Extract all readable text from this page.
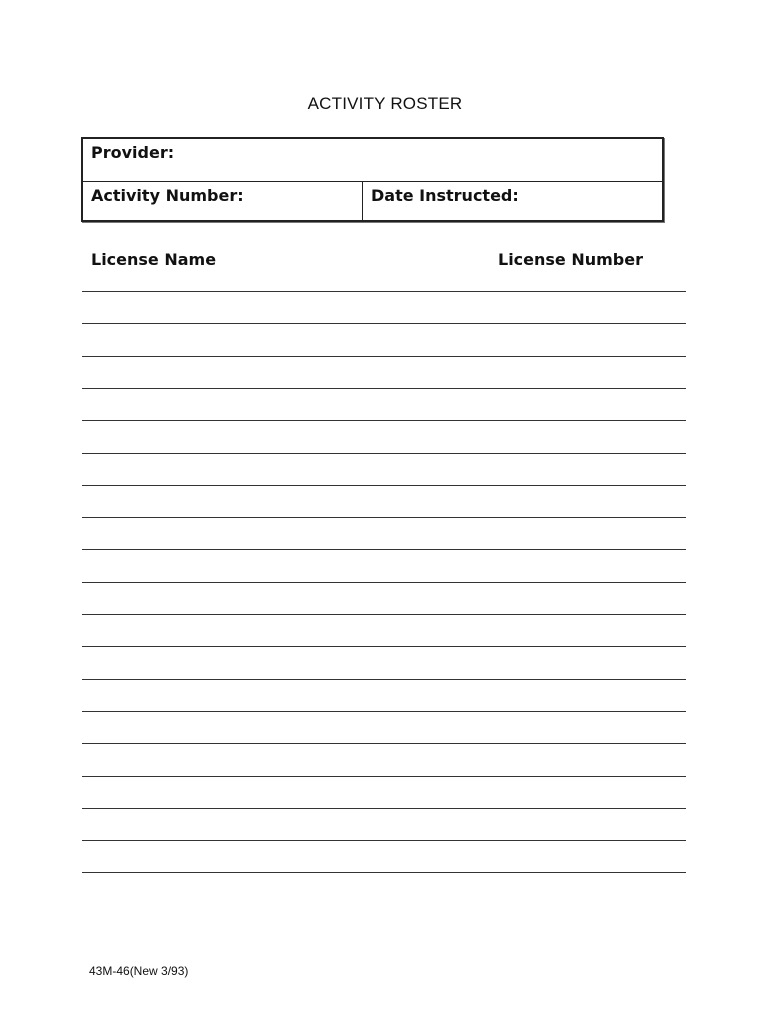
ACTIVITY ROSTER
Provider:
Activity Number:	Date Instructed:
License Name	License Number
43M-46(New 3/93)
